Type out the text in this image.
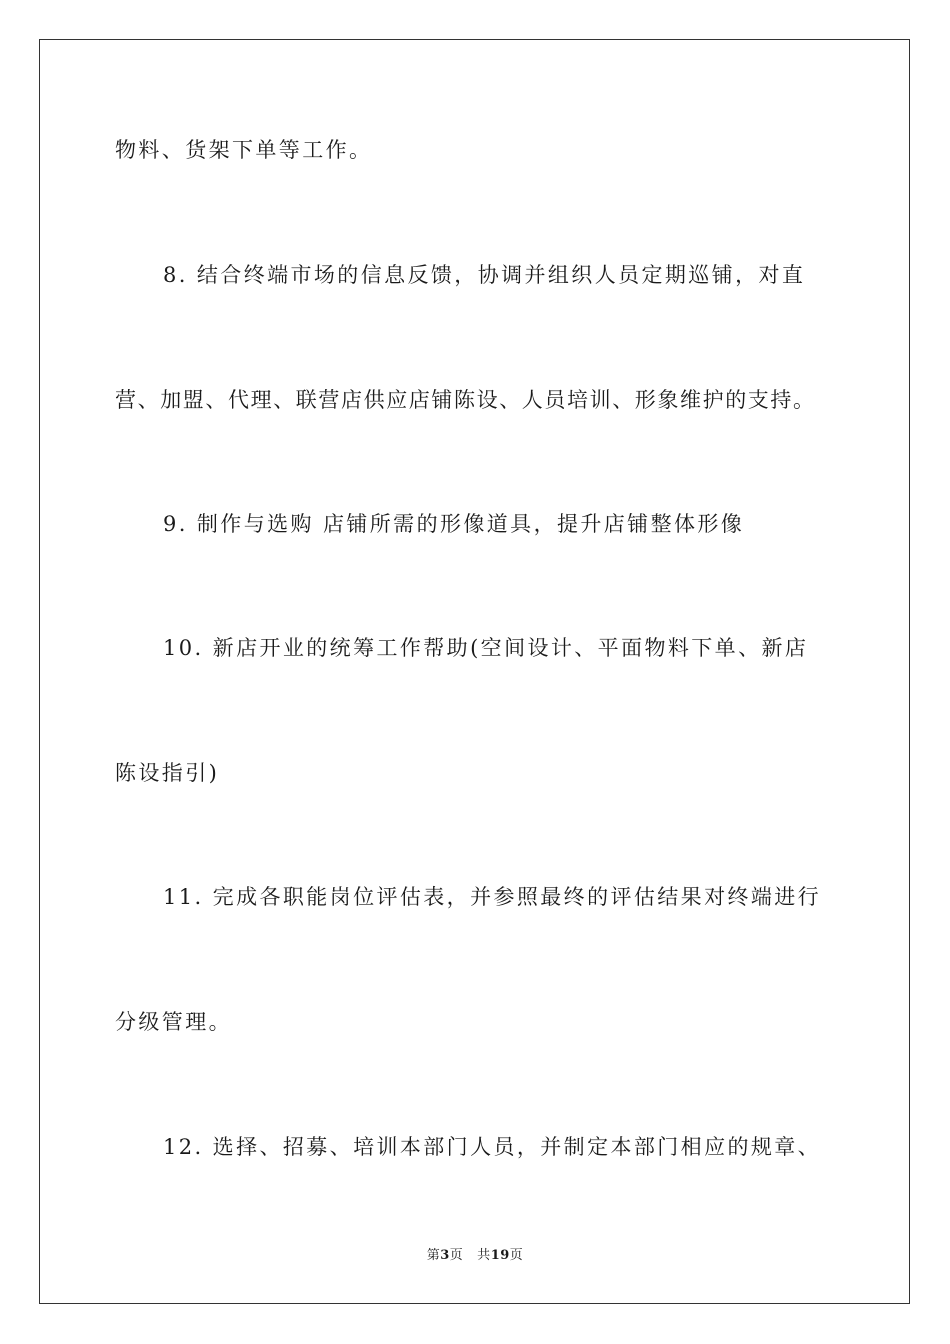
物料、货架下单等工作。
8. 结合终端市场的信息反馈，协调并组织人员定期巡铺，对直
营、加盟、代理、联营店供应店铺陈设、人员培训、形象维护的支持。
9. 制作与选购 店铺所需的形像道具，提升店铺整体形像
10. 新店开业的统筹工作帮助(空间设计、平面物料下单、新店
陈设指引)
11. 完成各职能岗位评估表，并参照最终的评估结果对终端进行
分级管理。
12. 选择、招募、培训本部门人员，并制定本部门相应的规章、
第3页 共19页
